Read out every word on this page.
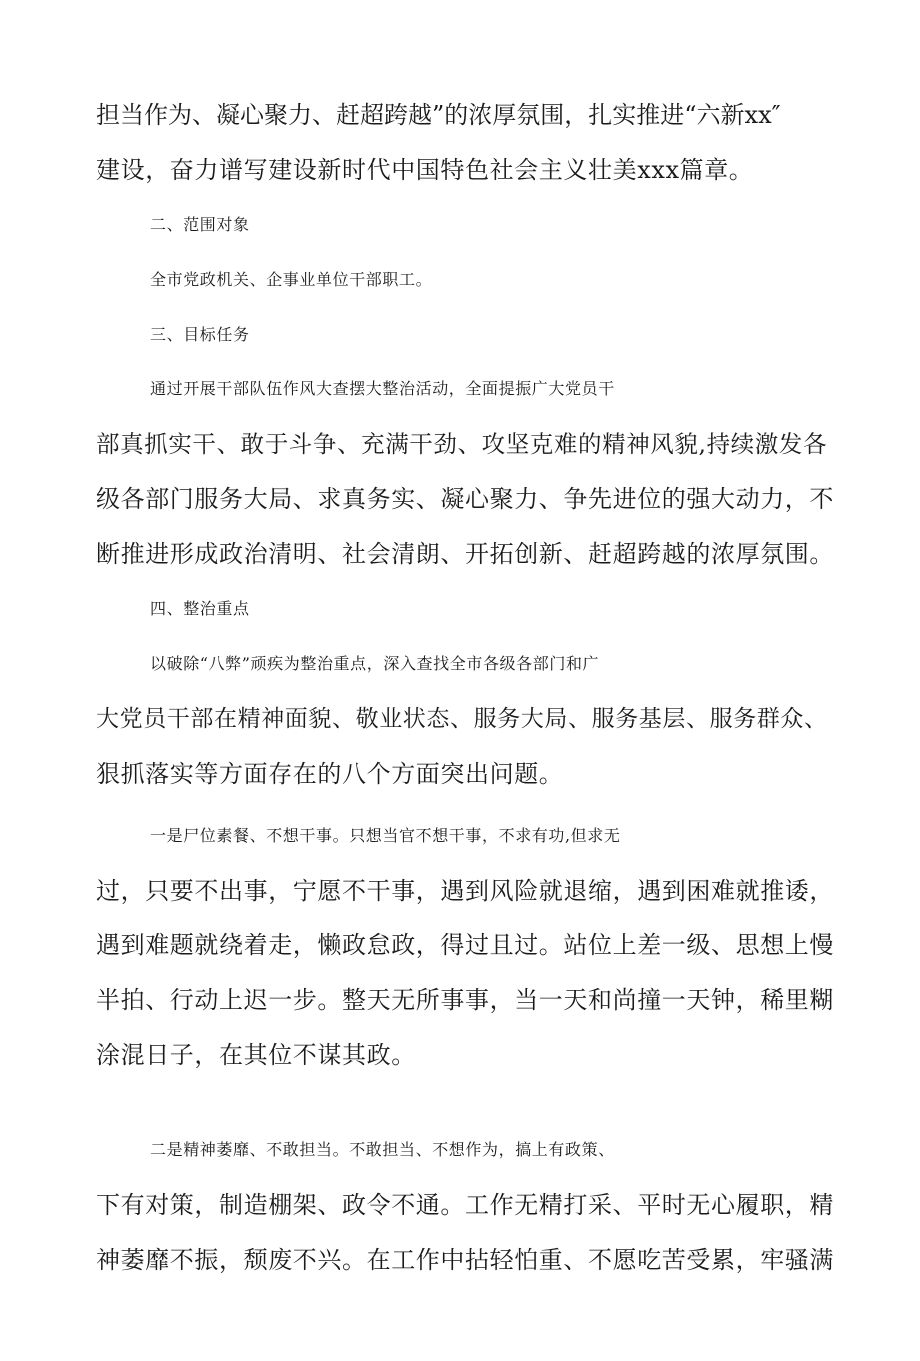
担当作为、凝心聚力、赶超跨越”的浓厚氛围，扎实推进“六新xx″
建设，奋力谱写建设新时代中国特色社会主义壮美xxx篇章。
二、范围对象
全市党政机关、企事业单位干部职工。
三、目标任务
通过开展干部队伍作风大查摆大整治活动，全面提振广大党员干
部真抓实干、敢于斗争、充满干劲、攻坚克难的精神风貌,持续激发各
级各部门服务大局、求真务实、凝心聚力、争先进位的强大动力，不
断推进形成政治清明、社会清朗、开拓创新、赶超跨越的浓厚氛围。
四、整治重点
以破除“八弊”顽疾为整治重点，深入查找全市各级各部门和广
大党员干部在精神面貌、敬业状态、服务大局、服务基层、服务群众、
狠抓落实等方面存在的八个方面突出问题。
一是尸位素餐、不想干事。只想当官不想干事，不求有功,但求无
过，只要不出事，宁愿不干事，遇到风险就退缩，遇到困难就推诿，
遇到难题就绕着走，懒政怠政，得过且过。站位上差一级、思想上慢
半拍、行动上迟一步。整天无所事事，当一天和尚撞一天钟，稀里糊
涂混日子，在其位不谋其政。
二是精神萎靡、不敢担当。不敢担当、不想作为，搞上有政策、
下有对策，制造棚架、政令不通。工作无精打采、平时无心履职，精
神萎靡不振，颓废不兴。在工作中拈轻怕重、不愿吃苦受累，牢骚满
